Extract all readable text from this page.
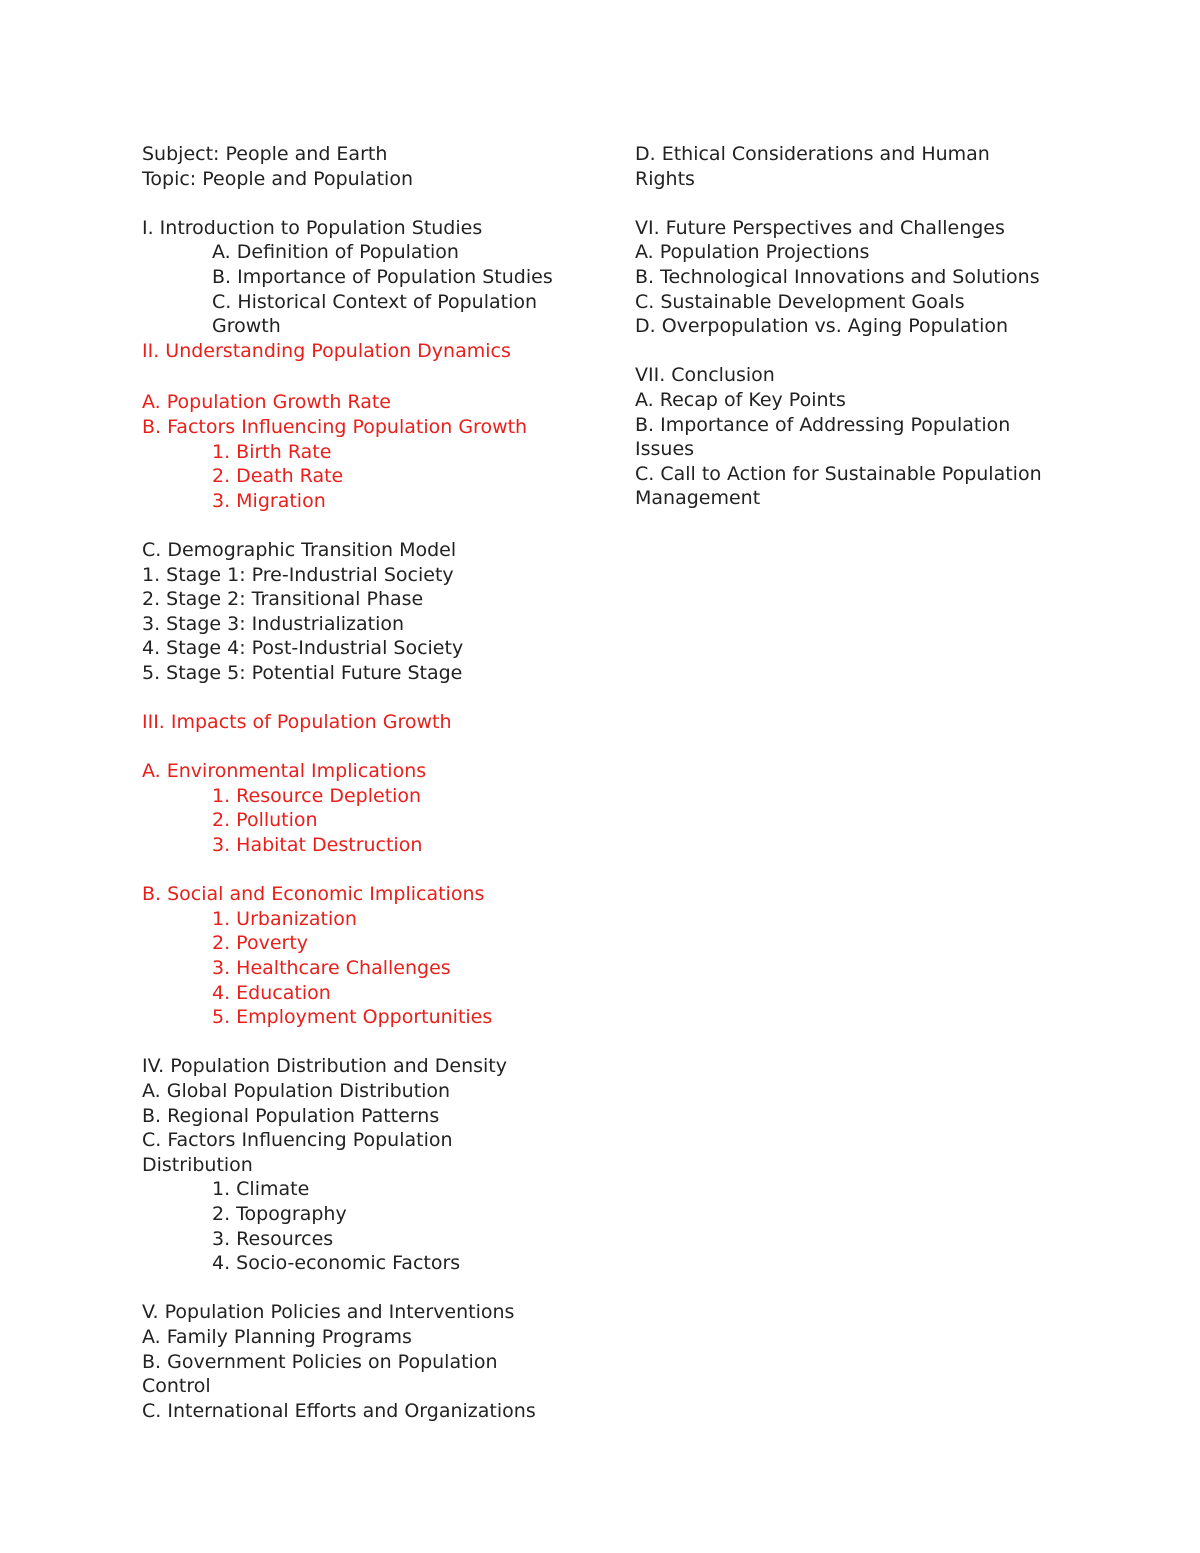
Subject: People and Earth
Topic: People and Population
I. Introduction to Population Studies
A. Definition of Population
B. Importance of Population Studies
C. Historical Context of Population
Growth
II. Understanding Population Dynamics
A. Population Growth Rate
B. Factors Influencing Population Growth
1. Birth Rate
2. Death Rate
3. Migration
C. Demographic Transition Model
1. Stage 1: Pre-Industrial Society
2. Stage 2: Transitional Phase
3. Stage 3: Industrialization
4. Stage 4: Post-Industrial Society
5. Stage 5: Potential Future Stage
III. Impacts of Population Growth
A. Environmental Implications
1. Resource Depletion
2. Pollution
3. Habitat Destruction
B. Social and Economic Implications
1. Urbanization
2. Poverty
3. Healthcare Challenges
4. Education
5. Employment Opportunities
IV. Population Distribution and Density
A. Global Population Distribution
B. Regional Population Patterns
C. Factors Influencing Population
Distribution
1. Climate
2. Topography
3. Resources
4. Socio-economic Factors
V. Population Policies and Interventions
A. Family Planning Programs
B. Government Policies on Population
Control
C. International Efforts and Organizations
D. Ethical Considerations and Human
Rights
VI. Future Perspectives and Challenges
A. Population Projections
B. Technological Innovations and Solutions
C. Sustainable Development Goals
D. Overpopulation vs. Aging Population
VII. Conclusion
A. Recap of Key Points
B. Importance of Addressing Population
Issues
C. Call to Action for Sustainable Population
Management
